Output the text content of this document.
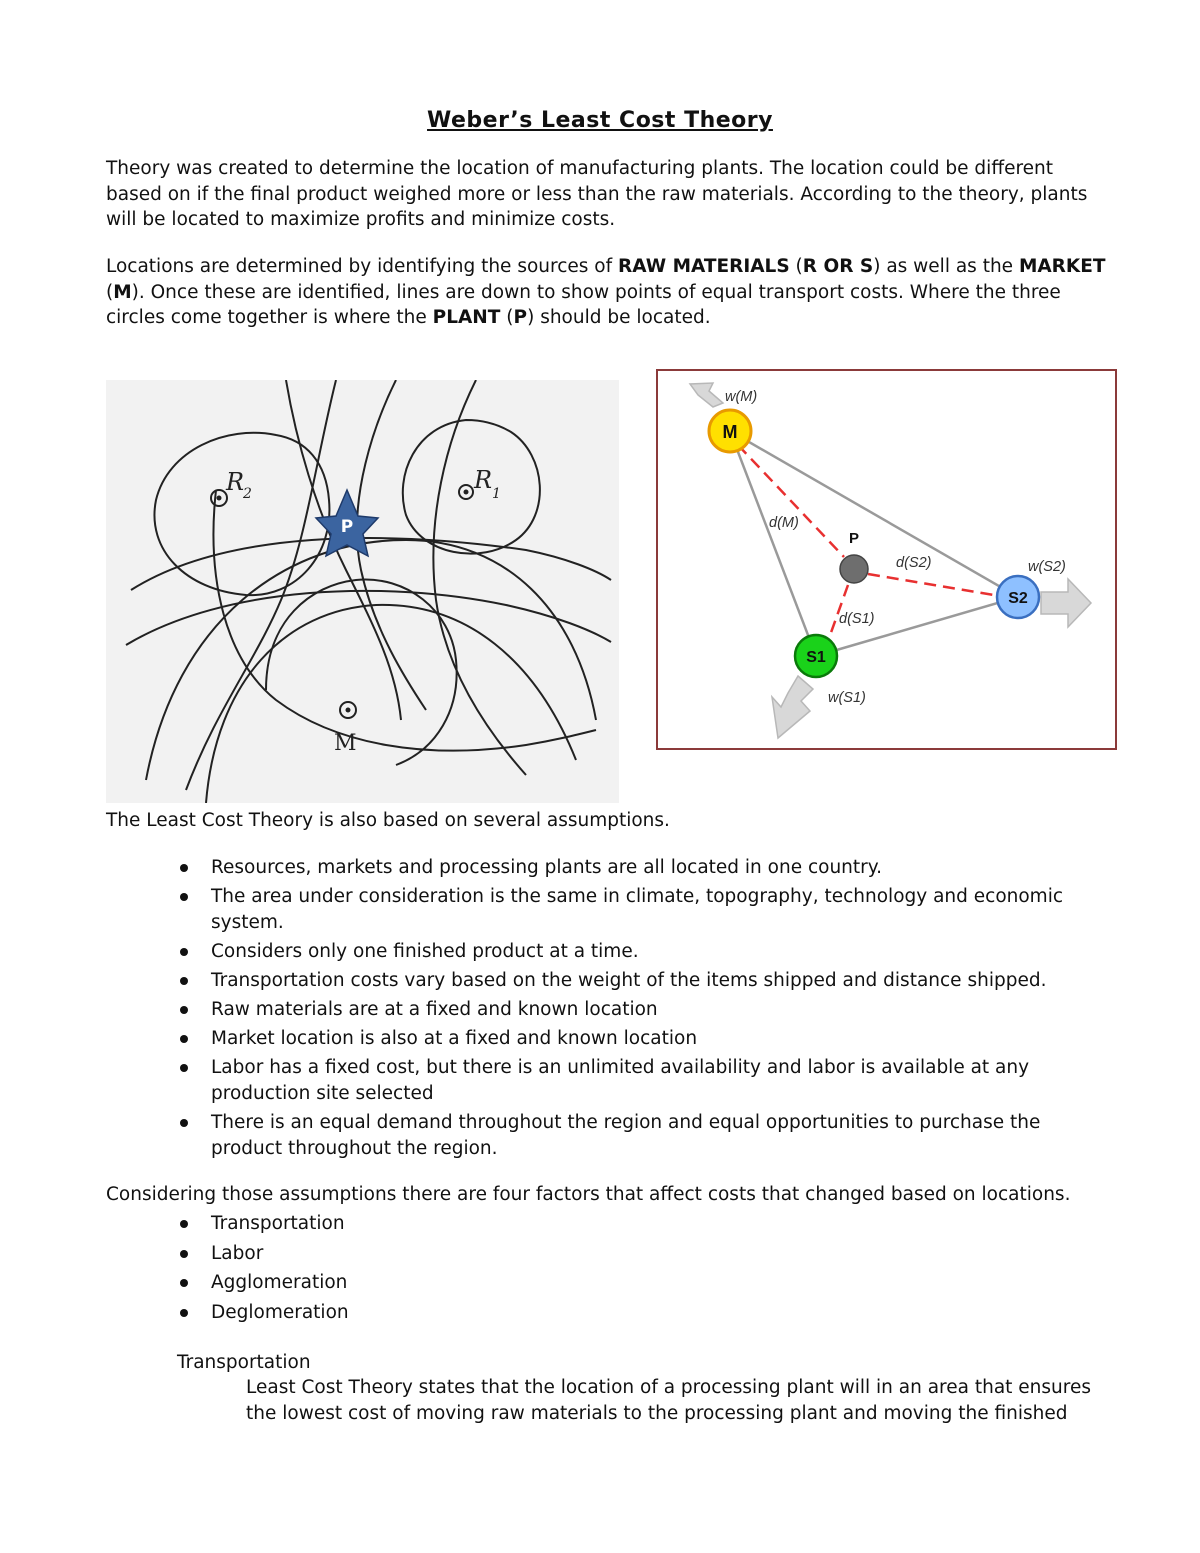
Weber’s Least Cost Theory

Theory was created to determine the location of manufacturing plants. The location could be different based on if the final product weighed more or less than the raw materials. According to the theory, plants will be located to maximize profits and minimize costs.

Locations are determined by identifying the sources of RAW MATERIALS (R OR S) as well as the MARKET (M). Once these are identified, lines are down to show points of equal transport costs. Where the three circles come together is where the PLANT (P) should be located.

R
2	R 1
M
P
M
P
S2
S1
w(M)
w(S2)
w(S1)
d(M)
d(S2)
d(S1)
The Least Cost Theory is also based on several assumptions.
Resources, markets and processing plants are all located in one country.
The area under consideration is the same in climate, topography, technology and economic system.
Considers only one finished product at a time.
Transportation costs vary based on the weight of the items shipped and distance shipped.
Raw materials are at a fixed and known location
Market location is also at a fixed and known location
Labor has a fixed cost, but there is an unlimited availability and labor is available at any production site selected
There is an equal demand throughout the region and equal opportunities to purchase the product throughout the region.
Considering those assumptions there are four factors that affect costs that changed based on locations.
Transportation
Labor
Agglomeration
Deglomeration
Transportation

Least Cost Theory states that the location of a processing plant will in an area that ensures the lowest cost of moving raw materials to the processing plant and moving the finished
